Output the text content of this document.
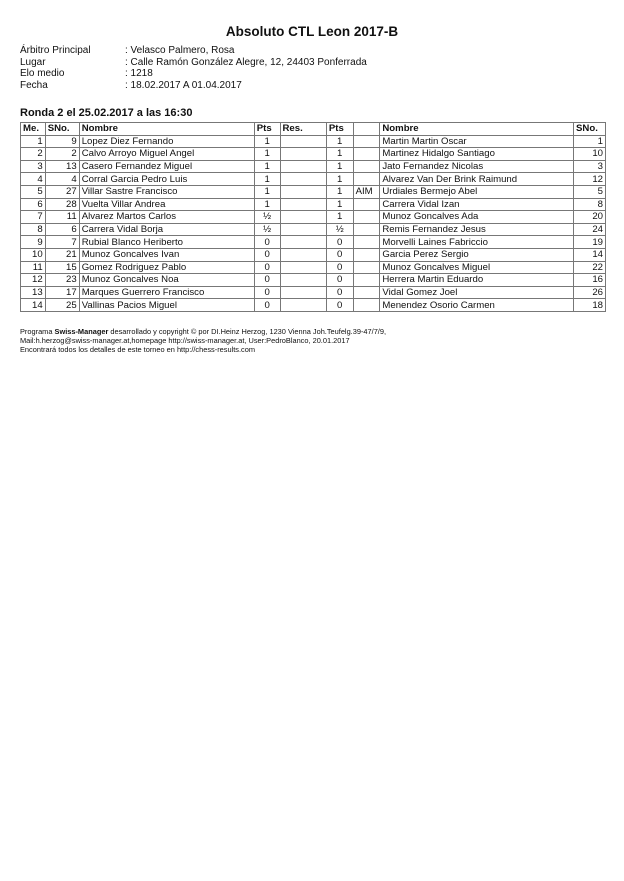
Absoluto CTL Leon 2017-B
Árbitro Principal	: Velasco Palmero, Rosa
Lugar	: Calle Ramón González Alegre, 12, 24403 Ponferrada
Elo medio	: 1218
Fecha	: 18.02.2017 A 01.04.2017
Ronda 2 el 25.02.2017 a las 16:30
Me.	SNo.	Nombre	Pts	Res.	Pts		Nombre	SNo.
1	9	Lopez Diez Fernando	1		1		Martin Martin Oscar	1
2	2	Calvo Arroyo Miguel Angel	1		1		Martinez Hidalgo Santiago	10
3	13	Casero Fernandez Miguel	1		1		Jato Fernandez Nicolas	3
4	4	Corral Garcia Pedro Luis	1		1		Alvarez Van Der Brink Raimund	12
5	27	Villar Sastre Francisco	1		1	AIM	Urdiales Bermejo Abel	5
6	28	Vuelta Villar Andrea	1		1		Carrera Vidal Izan	8
7	11	Alvarez Martos Carlos	½		1		Munoz Goncalves Ada	20
8	6	Carrera Vidal Borja	½		½		Remis Fernandez Jesus	24
9	7	Rubial Blanco Heriberto	0		0		Morvelli Laines Fabriccio	19
10	21	Munoz Goncalves Ivan	0		0		Garcia Perez Sergio	14
11	15	Gomez Rodriguez Pablo	0		0		Munoz Goncalves Miguel	22
12	23	Munoz Goncalves Noa	0		0		Herrera Martin Eduardo	16
13	17	Marques Guerrero Francisco	0		0		Vidal Gomez Joel	26
14	25	Vallinas Pacios Miguel	0		0		Menendez Osorio Carmen	18
Programa Swiss-Manager desarrollado y copyright © por DI.Heinz Herzog, 1230 Vienna Joh.Teufelg.39-47/7/9,
Mail:h.herzog@swiss-manager.at,homepage http://swiss-manager.at, User:PedroBlanco, 20.01.2017
Encontrará todos los detalles de este torneo en http://chess-results.com
